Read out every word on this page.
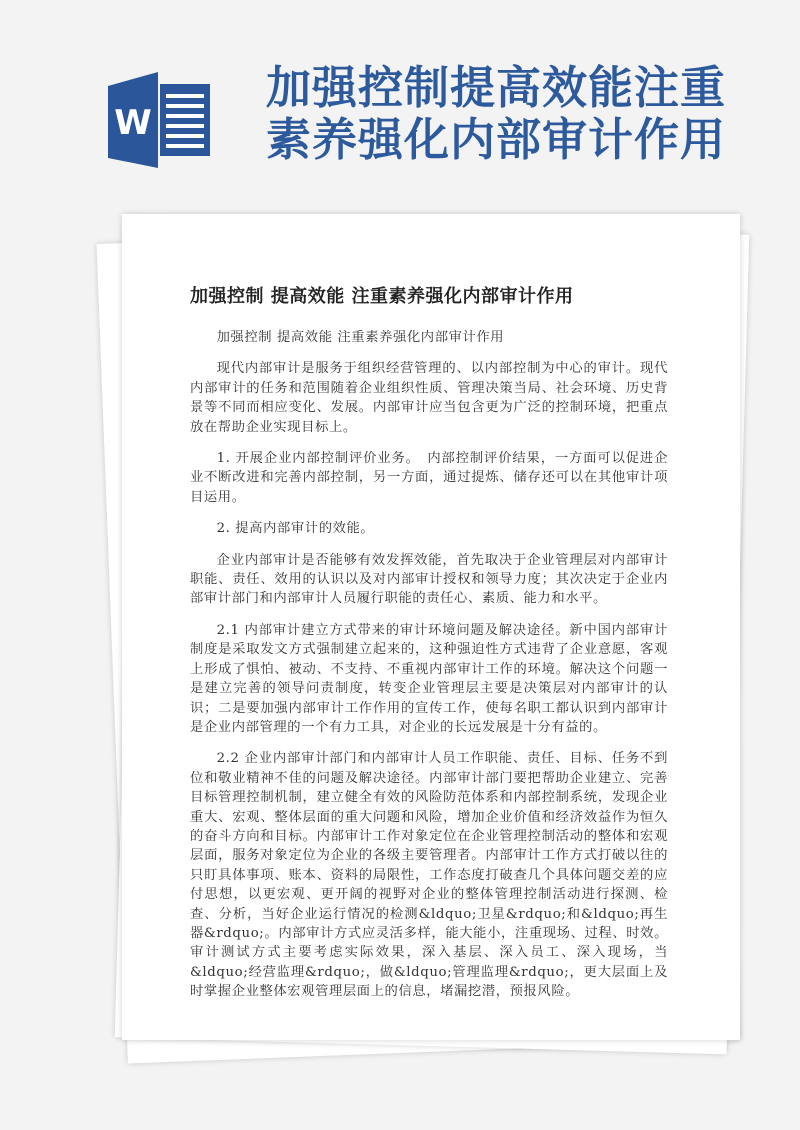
W
加强控制提高效能注重
素养强化内部审计作用
加强控制 提高效能 注重素养强化内部审计作用

加强控制 提高效能 注重素养强化内部审计作用

现代内部审计是服务于组织经营管理的、以内部控制为中心的审计。现代内部审计的任务和范围随着企业组织性质、管理决策当局、社会环境、历史背景等不同而相应变化、发展。内部审计应当包含更为广泛的控制环境，把重点放在帮助企业实现目标上。

1. 开展企业内部控制评价业务。　内部控制评价结果，一方面可以促进企业不断改进和完善内部控制，另一方面，通过提炼、储存还可以在其他审计项目运用。

2. 提高内部审计的效能。

企业内部审计是否能够有效发挥效能，首先取决于企业管理层对内部审计职能、责任、效用的认识以及对内部审计授权和领导力度；其次决定于企业内部审计部门和内部审计人员履行职能的责任心、素质、能力和水平。

2.1 内部审计建立方式带来的审计环境问题及解决途径。新中国内部审计制度是采取发文方式强制建立起来的，这种强迫性方式违背了企业意愿，客观上形成了惧怕、被动、不支持、不重视内部审计工作的环境。解决这个问题一是建立完善的领导问责制度，转变企业管理层主要是决策层对内部审计的认识；二是要加强内部审计工作作用的宣传工作，使每名职工都认识到内部审计是企业内部管理的一个有力工具，对企业的长远发展是十分有益的。

2.2 企业内部审计部门和内部审计人员工作职能、责任、目标、任务不到位和敬业精神不佳的问题及解决途径。内部审计部门要把帮助企业建立、完善目标管理控制机制，建立健全有效的风险防范体系和内部控制系统，发现企业重大、宏观、整体层面的重大问题和风险，增加企业价值和经济效益作为恒久的奋斗方向和目标。内部审计工作对象定位在企业管理控制活动的整体和宏观层面，服务对象定位为企业的各级主要管理者。内部审计工作方式打破以往的只盯具体事项、账本、资料的局限性，工作态度打破查几个具体问题交差的应付思想，以更宏观、更开阔的视野对企业的整体管理控制活动进行探测、检查、分析，当好企业运行情况的检测&ldquo;卫星&rdquo;和&ldquo;再生器&rdquo;。内部审计方式应灵活多样，能大能小，注重现场、过程、时效。审计测试方式主要考虑实际效果，深入基层、深入员工、深入现场，当&ldquo;经营监理&rdquo;，做&ldquo;管理监理&rdquo;，更大层面上及时掌握企业整体宏观管理层面上的信息，堵漏挖潜，预报风险。
